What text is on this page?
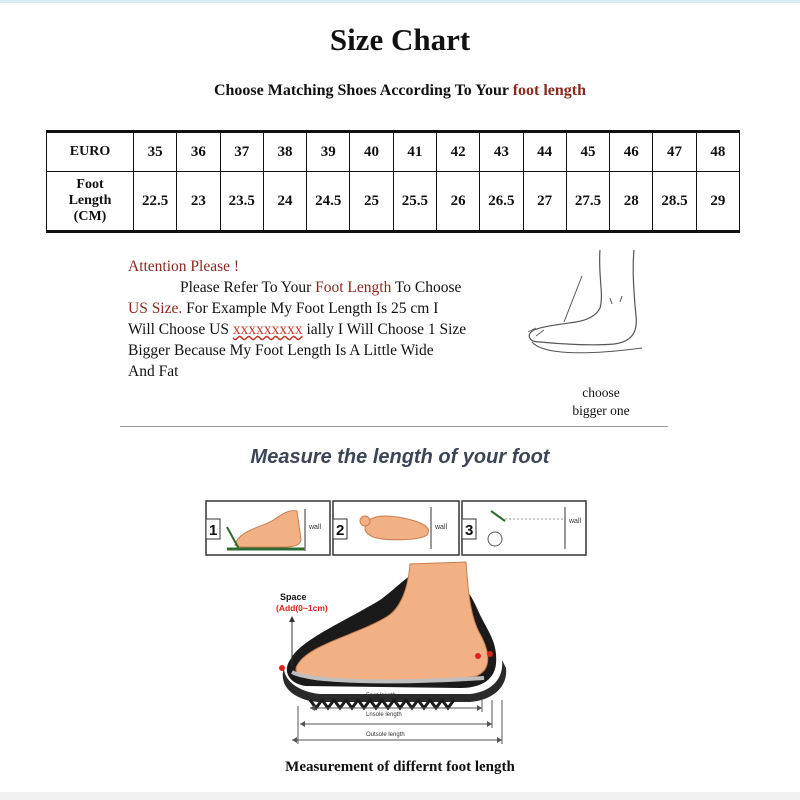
Size Chart
Choose Matching Shoes According To Your foot length
EURO	35	36	37	38	39	40	41	42	43	44	45	46	47	48
Foot
Length
(CM)	22.5	23	23.5	24	24.5	25	25.5	26	26.5	27	27.5	28	28.5	29
Attention Please !
Please Refer To Your Foot Length To Choose
US Size. For Example My Foot Length Is 25 cm I
Will Choose US xxxxxxxxx ially I Will Choose 1 Size
Bigger Because My Foot Length Is A Little Wide
And Fat
choose
bigger one
Measure the length of your foot
1	wall 2	wall 3
wall
Space
(Add(0~1cm)
Foot length
Lnsole length
Outsole length
Measurement of differnt foot length
